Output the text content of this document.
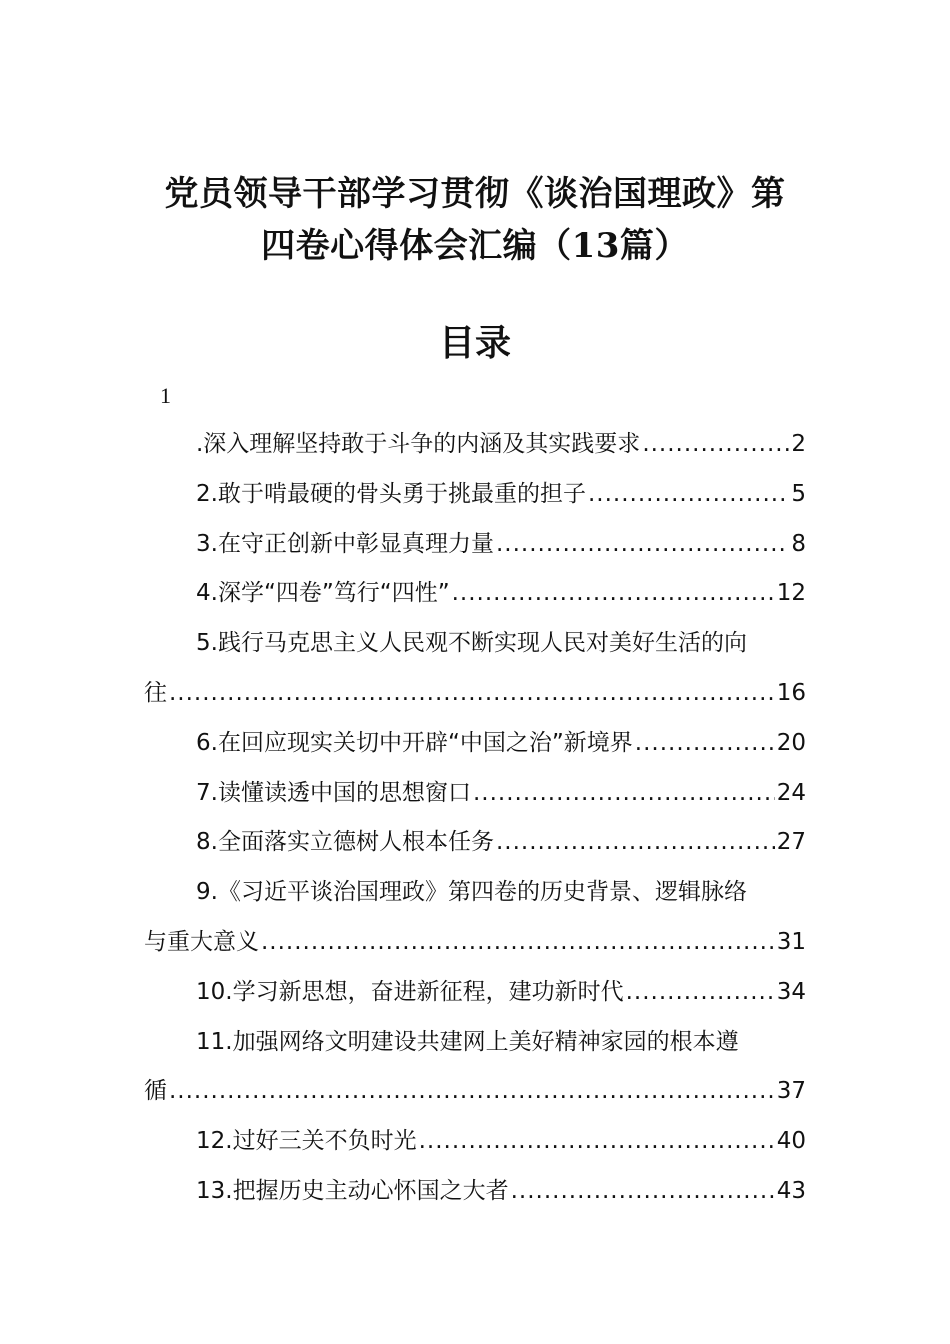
党员领导干部学习贯彻《谈治国理政》第
四卷心得体会汇编（13篇）
目录
1
.深入理解坚持敢于斗争的内涵及其实践要求 .....	2
2.敢于啃最硬的骨头勇于挑最重的担子 .....	5
3.在守正创新中彰显真理力量 .....	8
4.深学“四卷”笃行“四性” .....	12
5.践行马克思主义人民观不断实现人民对美好生活的向
往 .....	16
6.在回应现实关切中开辟“中国之治”新境界 .....	20
7.读懂读透中国的思想窗口 .....	24
8.全面落实立德树人根本任务 .....	27
9.《习近平谈治国理政》第四卷的历史背景、逻辑脉络
与重大意义 .....	31
10.学习新思想，奋进新征程，建功新时代 .....	34
11.加强网络文明建设共建网上美好精神家园的根本遵
循 .....	37
12.过好三关不负时光 .....	40
13.把握历史主动心怀国之大者 .....	43
